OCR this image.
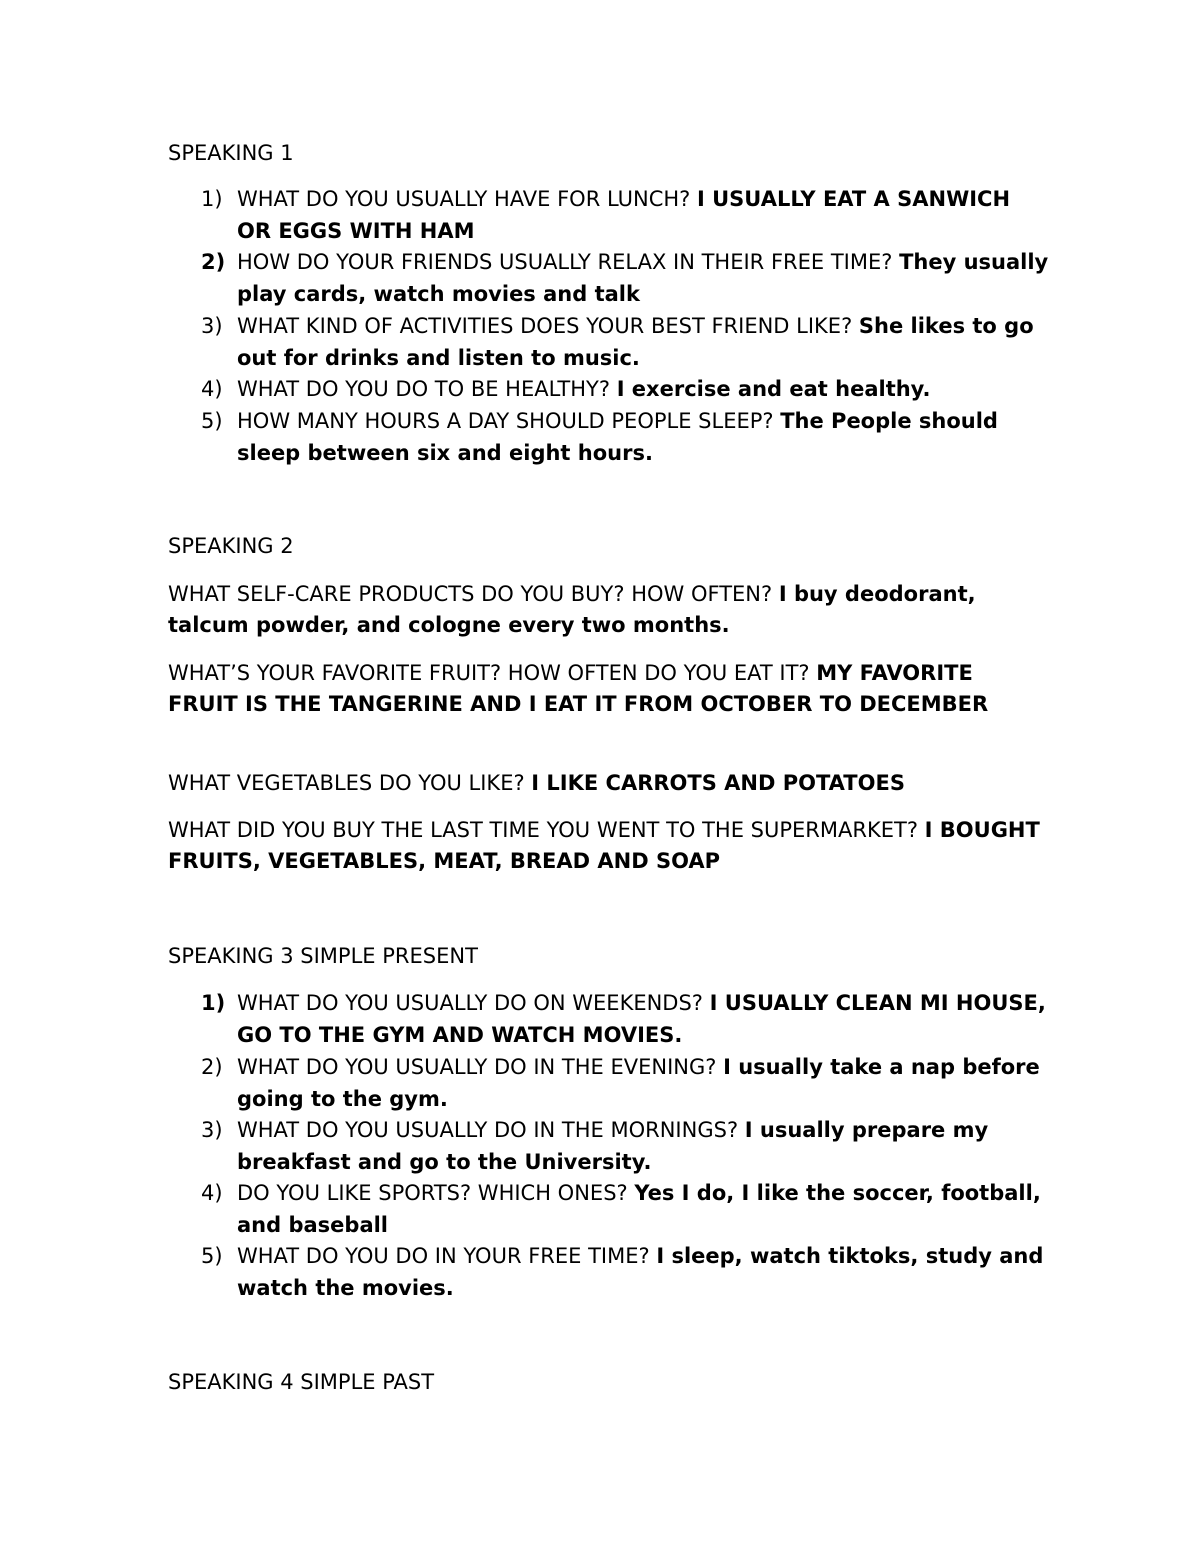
SPEAKING 1
1) WHAT DO YOU USUALLY HAVE FOR LUNCH? I USUALLY EAT A SANWICH OR EGGS WITH HAM
2) HOW DO YOUR FRIENDS USUALLY RELAX IN THEIR FREE TIME? They usually play cards, watch movies and talk
3) WHAT KIND OF ACTIVITIES DOES YOUR BEST FRIEND LIKE? She likes to go out for drinks and listen to music.
4) WHAT DO YOU DO TO BE HEALTHY? I exercise and eat healthy.
5) HOW MANY HOURS A DAY SHOULD PEOPLE SLEEP? The People should sleep between six and eight hours.
SPEAKING 2
WHAT SELF-CARE PRODUCTS DO YOU BUY? HOW OFTEN? I buy deodorant, talcum powder, and cologne every two months.
WHAT’S YOUR FAVORITE FRUIT? HOW OFTEN DO YOU EAT IT? MY FAVORITE FRUIT IS THE TANGERINE AND I EAT IT FROM OCTOBER TO DECEMBER
WHAT VEGETABLES DO YOU LIKE? I LIKE CARROTS AND POTATOES
WHAT DID YOU BUY THE LAST TIME YOU WENT TO THE SUPERMARKET? I BOUGHT FRUITS, VEGETABLES, MEAT, BREAD AND SOAP
SPEAKING 3 SIMPLE PRESENT
1) WHAT DO YOU USUALLY DO ON WEEKENDS? I USUALLY CLEAN MI HOUSE, GO TO THE GYM AND WATCH MOVIES.
2) WHAT DO YOU USUALLY DO IN THE EVENING? I usually take a nap before going to the gym.
3) WHAT DO YOU USUALLY DO IN THE MORNINGS? I usually prepare my breakfast and go to the University.
4) DO YOU LIKE SPORTS? WHICH ONES? Yes I do, I like the soccer, football, and baseball
5) WHAT DO YOU DO IN YOUR FREE TIME? I sleep, watch tiktoks, study and watch the movies.
SPEAKING 4 SIMPLE PAST
